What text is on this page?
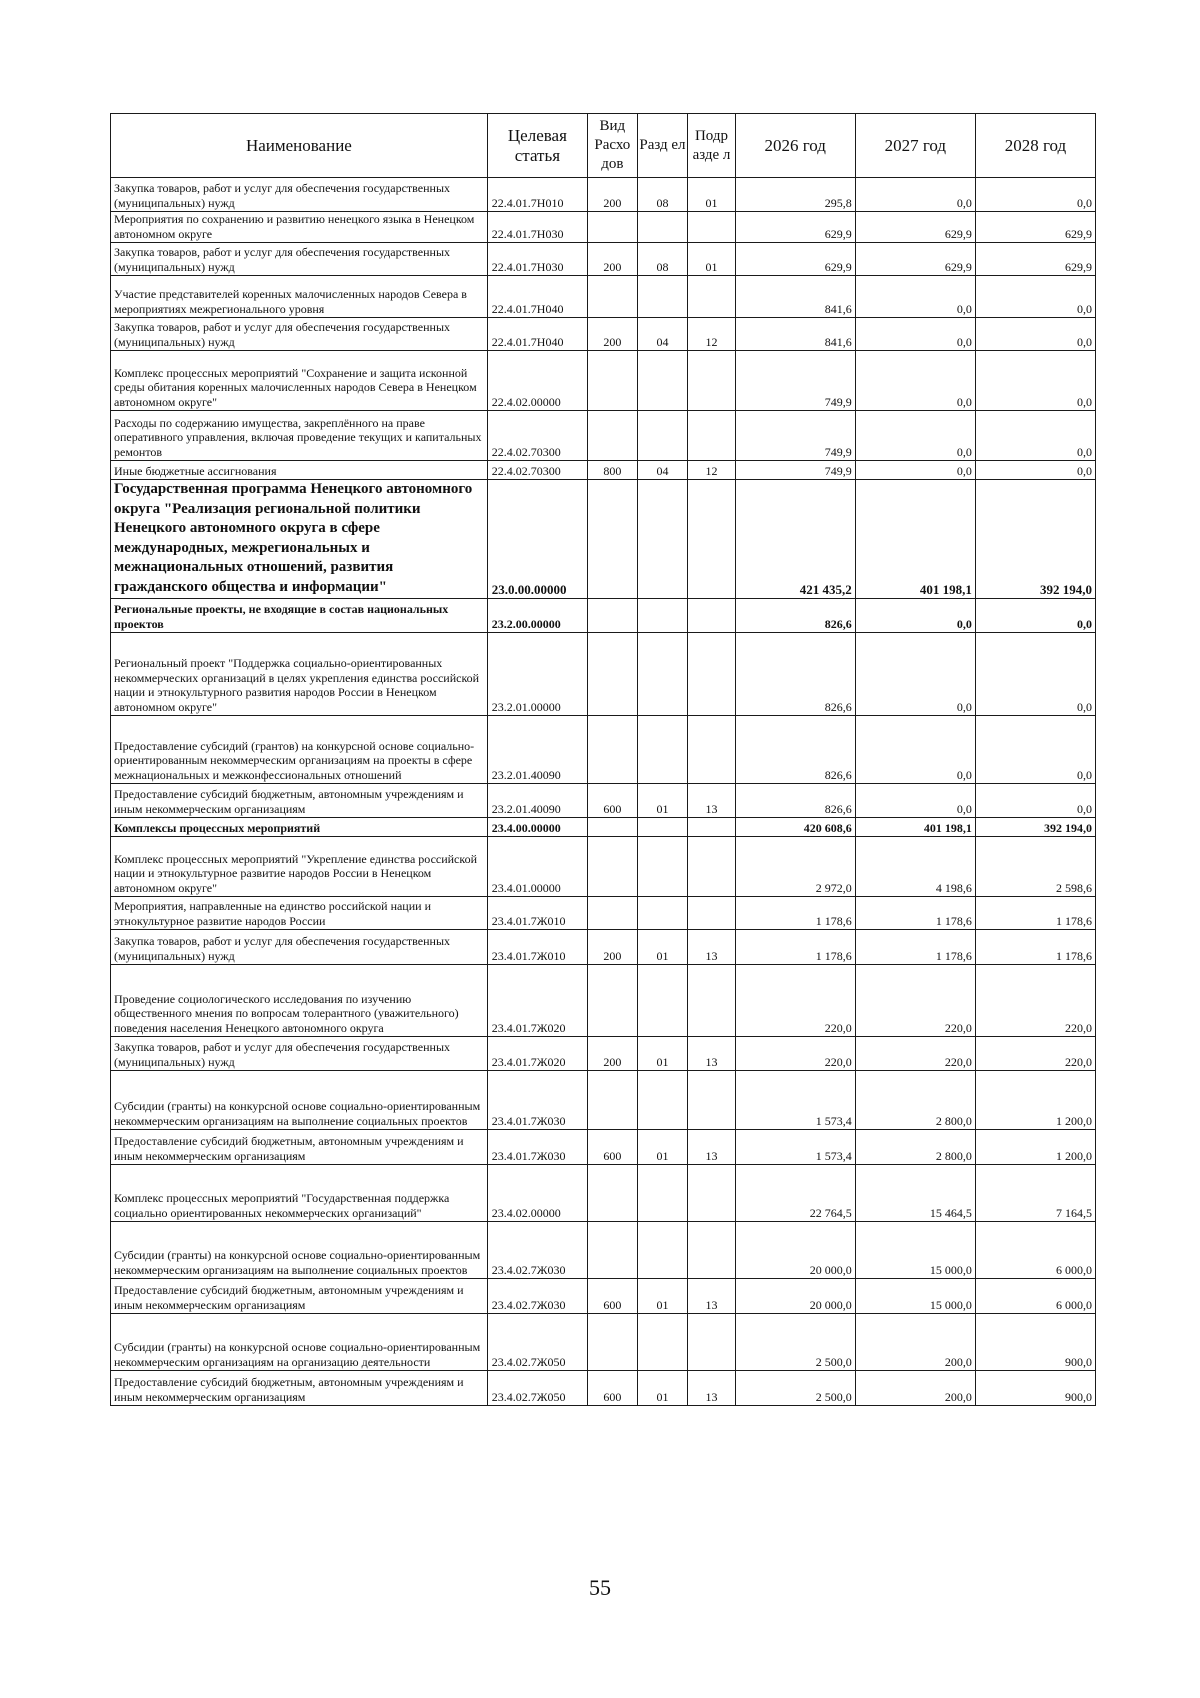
Наименование	Целевая статья	Вид Расхо дов	Разд ел	Подр азде л	2026 год	2027 год	2028 год
Закупка товаров, работ и услуг для обеспечения государственных (муниципальных) нужд	22.4.01.7Н010	200	08	01	295,8	0,0	0,0
Мероприятия по сохранению и развитию ненецкого языка в Ненецком автономном округе	22.4.01.7Н030				629,9	629,9	629,9
Закупка товаров, работ и услуг для обеспечения государственных (муниципальных) нужд	22.4.01.7Н030	200	08	01	629,9	629,9	629,9
Участие представителей коренных малочисленных народов Севера в мероприятиях межрегионального уровня	22.4.01.7Н040				841,6	0,0	0,0
Закупка товаров, работ и услуг для обеспечения государственных (муниципальных) нужд	22.4.01.7Н040	200	04	12	841,6	0,0	0,0
Комплекс процессных мероприятий "Сохранение и защита исконной среды обитания коренных малочисленных народов Севера в Ненецком автономном округе"	22.4.02.00000				749,9	0,0	0,0
Расходы по содержанию имущества, закреплённого на праве оперативного управления, включая проведение текущих и капитальных ремонтов	22.4.02.70300				749,9	0,0	0,0
Иные бюджетные ассигнования	22.4.02.70300	800	04	12	749,9	0,0	0,0
Государственная программа Ненецкого автономного округа "Реализация региональной политики Ненецкого автономного округа в сфере международных, межрегиональных и межнациональных отношений, развития гражданского общества и информации"	23.0.00.00000				421 435,2	401 198,1	392 194,0
Региональные проекты, не входящие в состав национальных проектов	23.2.00.00000				826,6	0,0	0,0
Региональный проект "Поддержка социально-ориентированных некоммерческих организаций в целях укрепления единства российской нации и этнокультурного развития народов России в Ненецком автономном округе"	23.2.01.00000				826,6	0,0	0,0
Предоставление субсидий (грантов) на конкурсной основе социально-ориентированным некоммерческим организациям на проекты в сфере межнациональных и межконфессиональных отношений	23.2.01.40090				826,6	0,0	0,0
Предоставление субсидий бюджетным, автономным учреждениям и иным некоммерческим организациям	23.2.01.40090	600	01	13	826,6	0,0	0,0
Комплексы процессных мероприятий	23.4.00.00000				420 608,6	401 198,1	392 194,0
Комплекс процессных мероприятий "Укрепление единства российской нации и этнокультурное развитие народов России в Ненецком автономном округе"	23.4.01.00000				2 972,0	4 198,6	2 598,6
Мероприятия, направленные на единство российской нации и этнокультурное развитие народов России	23.4.01.7Ж010				1 178,6	1 178,6	1 178,6
Закупка товаров, работ и услуг для обеспечения государственных (муниципальных) нужд	23.4.01.7Ж010	200	01	13	1 178,6	1 178,6	1 178,6
Проведение социологического исследования по изучению общественного мнения по вопросам толерантного (уважительного) поведения населения Ненецкого автономного округа	23.4.01.7Ж020				220,0	220,0	220,0
Закупка товаров, работ и услуг для обеспечения государственных (муниципальных) нужд	23.4.01.7Ж020	200	01	13	220,0	220,0	220,0
Субсидии (гранты) на конкурсной основе социально-ориентированным некоммерческим организациям на выполнение социальных проектов	23.4.01.7Ж030				1 573,4	2 800,0	1 200,0
Предоставление субсидий бюджетным, автономным учреждениям и иным некоммерческим организациям	23.4.01.7Ж030	600	01	13	1 573,4	2 800,0	1 200,0
Комплекс процессных мероприятий "Государственная поддержка социально ориентированных некоммерческих организаций"	23.4.02.00000				22 764,5	15 464,5	7 164,5
Субсидии (гранты) на конкурсной основе социально-ориентированным некоммерческим организациям на выполнение социальных проектов	23.4.02.7Ж030				20 000,0	15 000,0	6 000,0
Предоставление субсидий бюджетным, автономным учреждениям и иным некоммерческим организациям	23.4.02.7Ж030	600	01	13	20 000,0	15 000,0	6 000,0
Субсидии (гранты) на конкурсной основе социально-ориентированным некоммерческим организациям на организацию деятельности	23.4.02.7Ж050				2 500,0	200,0	900,0
Предоставление субсидий бюджетным, автономным учреждениям и иным некоммерческим организациям	23.4.02.7Ж050	600	01	13	2 500,0	200,0	900,0
55
